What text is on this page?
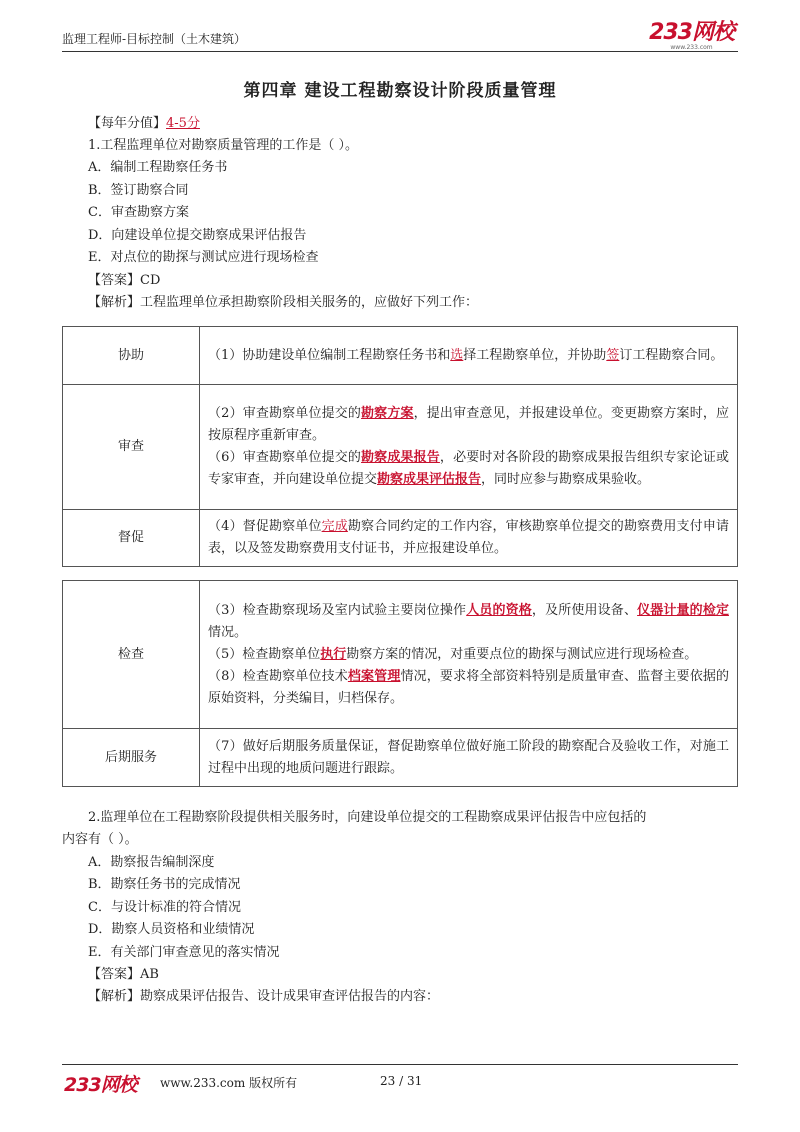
监理工程师-目标控制（土木建筑）	233网校
www.233.com
第四章 建设工程勘察设计阶段质量管理
【每年分值】4-5分
1.工程监理单位对勘察质量管理的工作是（ ）。
A．编制工程勘察任务书
B．签订勘察合同
C．审查勘察方案
D．向建设单位提交勘察成果评估报告
E．对点位的勘探与测试应进行现场检查
【答案】CD
【解析】工程监理单位承担勘察阶段相关服务的，应做好下列工作：
协助	（1）协助建设单位编制工程勘察任务书和选择工程勘察单位，并协助签订工程勘察合同。

审查	（2）审查勘察单位提交的勘察方案，提出审查意见，并报建设单位。变更勘察方案时，应按原程序重新审查。
（6）审查勘察单位提交的勘察成果报告，必要时对各阶段的勘察成果报告组织专家论证或专家审查，并向建设单位提交勘察成果评估报告，同时应参与勘察成果验收。

督促	（4）督促勘察单位完成勘察合同约定的工作内容，审核勘察单位提交的勘察费用支付申请表，以及签发勘察费用支付证书，并应报建设单位。
检查	（3）检查勘察现场及室内试验主要岗位操作人员的资格，及所使用设备、仪器计量的检定情况。
（5）检查勘察单位执行勘察方案的情况，对重要点位的勘探与测试应进行现场检查。
（8）检查勘察单位技术档案管理情况，要求将全部资料特别是质量审查、监督主要依据的原始资料，分类编目，归档保存。

后期服务	（7）做好后期服务质量保证，督促勘察单位做好施工阶段的勘察配合及验收工作，对施工过程中出现的地质问题进行跟踪。
2.监理单位在工程勘察阶段提供相关服务时，向建设单位提交的工程勘察成果评估报告中应包括的
内容有（ ）。
A．勘察报告编制深度
B．勘察任务书的完成情况
C．与设计标准的符合情况
D．勘察人员资格和业绩情况
E．有关部门审查意见的落实情况
【答案】AB
【解析】勘察成果评估报告、设计成果审查评估报告的内容：
233网校 www.233.com 版权所有	23 / 31
